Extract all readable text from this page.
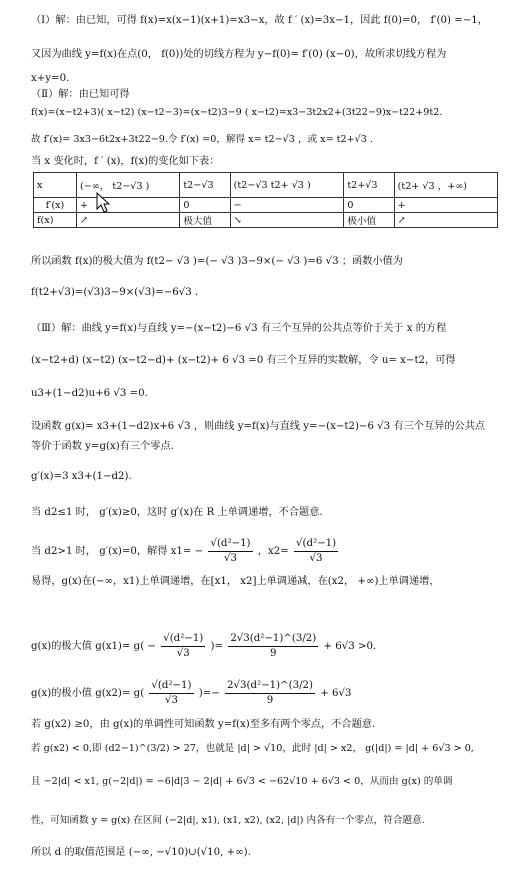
（Ⅰ）解：由已知，可得 f(x)=x(x−1)(x+1)=x3−x，故 f ′ (x)=3x−1，因此 f(0)=0， f′(0) =−1，
又因为曲线 y=f(x)在点(0， f(0))处的切线方程为 y−f(0)= f′(0) (x−0)，故所求切线方程为
x+y=0.
（Ⅱ）解：由已知可得
f(x)=(x−t2+3)( x−t2) (x−t2−3)=(x−t2)3−9 ( x−t2)=x3−3t2x2+(3t22−9)x−t22+9t2.
故 f′(x)= 3x3−6t2x+3t22−9.令 f′(x) =0，解得 x= t2−√3 ，或 x= t2+√3 .
当 x 变化时，f ′ (x)，f(x)的变化如下表：
x	(−∞， t2−√3 )	t2−√3	(t2−√3 t2+ √3 )	t2+√3	(t2+ √3 ，+∞)
f′(x)	+	0	−	0	+
f(x)	↗	极大值	↘	极小值	↗
所以函数 f(x)的极大值为 f(t2− √3 )=(− √3 )3−9×(− √3 )=6 √3 ；函数小值为
f(t2+√3)=(√3)3−9×(√3)=−6√3 .
（Ⅲ）解：曲线 y=f(x)与直线 y=−(x−t2)−6 √3 有三个互异的公共点等价于关于 x 的方程
(x−t2+d) (x−t2) (x−t2−d)+ (x−t2)+ 6 √3 =0 有三个互异的实数解，令 u= x−t2，可得
u3+(1−d2)u+6 √3 =0.
设函数 g(x)= x3+(1−d2)x+6 √3 ，则曲线 y=f(x)与直线 y=−(x−t2)−6 √3 有三个互异的公共点
等价于函数 y=g(x)有三个零点.
g′(x)=3 x3+(1−d2).
当 d2≤1 时， g′(x)≥0，这时 g′(x)在 R 上单调递增，不合题意.
当 d2>1 时， g′(x)=0，解得 $x1= - \frac{\text{√(d²−1)}}{√3}$ ，$x2= \frac{\text{√(d²−1)}}{√3}$
易得，g(x)在(−∞，x1)上单调递增，在[x1， x2]上单调递减，在(x2， +∞)上单调递增，
g(x)的极大值 $g(x1)= g( - \frac{\text{√(d²−1)}}{√3}$ )= $\frac{\text{2√3(d²−1)\textasciicircum{}(3/2)}}{9} + 6√3 >0$.
g(x)的极小值 $g(x2)= g( \frac{\text{√(d²−1)}}{√3}$ )=− $\frac{\text{2√3(d²−1)\textasciicircum{}(3/2)}}{9} + 6√3$
若 g(x2) ≥0，由 g(x)的单调性可知函数 y=f(x)至多有两个零点，不合题意.
若 g(x2) < 0,即 (d2−1)^(3/2) > 27，也就是 |d| > √10，此时 |d| > x2， g(|d|) = |d| + 6√3 > 0,
且 −2|d| < x1, g(−2|d|) = −6|d|3 − 2|d| + 6√3 < −62√10 + 6√3 < 0，从而由 g(x) 的单调
性，可知函数 y = g(x) 在区间 (−2|d|, x1), (x1, x2), (x2, |d|) 内各有一个零点，符合题意.
所以 d 的取值范围是 (−∞, −√10)∪(√10, +∞).
